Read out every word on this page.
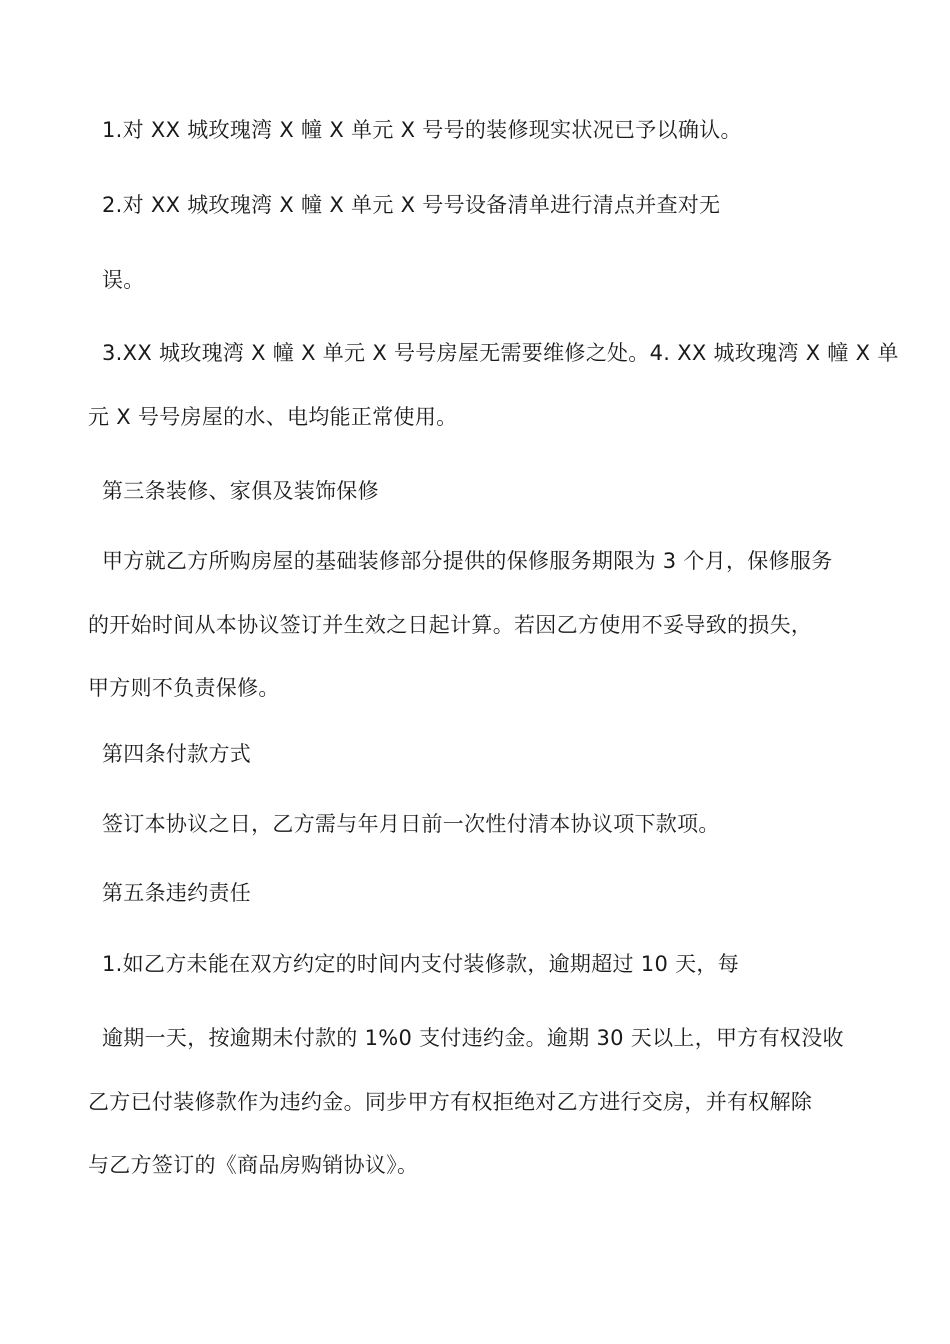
1.对 XX 城玫瑰湾 X 幢 X 单元 X 号号的装修现实状况已予以确认。
2.对 XX 城玫瑰湾 X 幢 X 单元 X 号号设备清单进行清点并查对无
误。
3.XX 城玫瑰湾 X 幢 X 单元 X 号号房屋无需要维修之处。4. XX 城玫瑰湾 X 幢 X 单
元 X 号号房屋的水、电均能正常使用。
第三条装修、家俱及装饰保修
甲方就乙方所购房屋的基础装修部分提供的保修服务期限为 3 个月，保修服务
的开始时间从本协议签订并生效之日起计算。若因乙方使用不妥导致的损失，
甲方则不负责保修。
第四条付款方式
签订本协议之日，乙方需与年月日前一次性付清本协议项下款项。
第五条违约责任
1.如乙方未能在双方约定的时间内支付装修款，逾期超过 10 天，每
逾期一天，按逾期未付款的 1%0 支付违约金。逾期 30 天以上，甲方有权没收
乙方已付装修款作为违约金。同步甲方有权拒绝对乙方进行交房，并有权解除
与乙方签订的《商品房购销协议》。
